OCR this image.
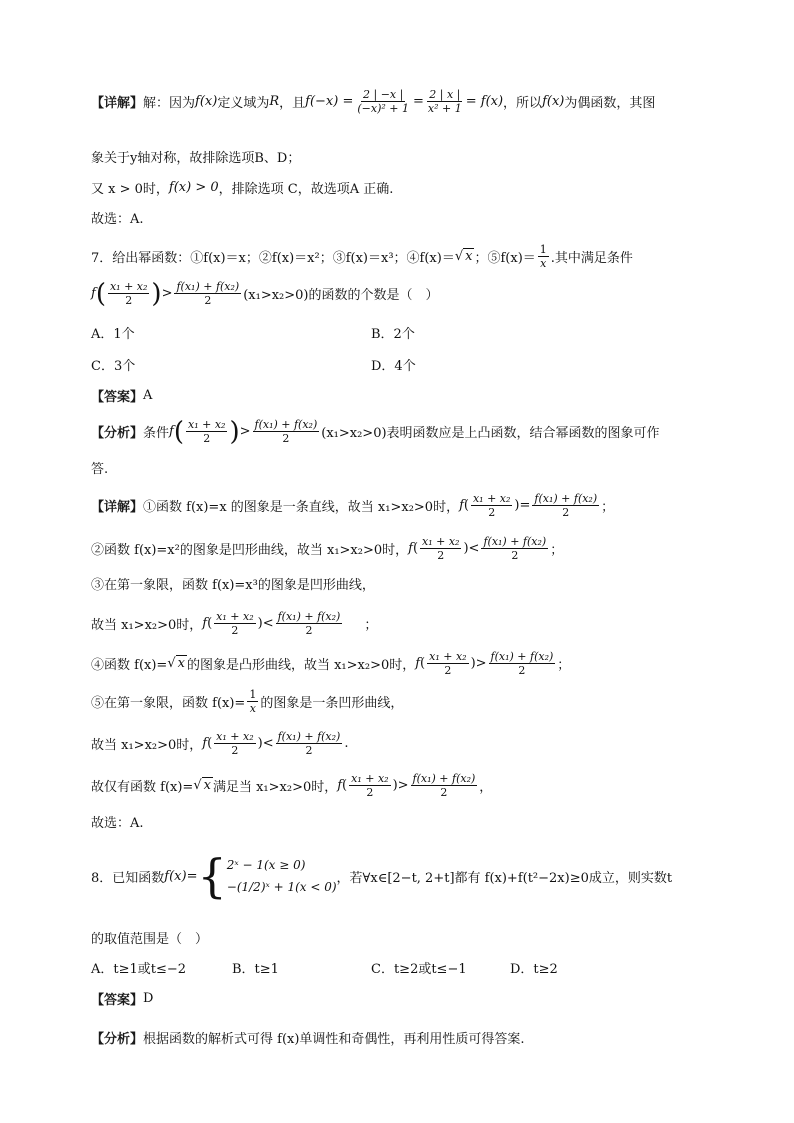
【详解】 解：因为 f(x) 定义域为 R ，且 $f(-x) = \frac{2 | -x |}{\text{(−x)² + 1}} = \frac{2 | x |}{\text{x² + 1}} = f(x)$ ，所以 f(x) 为偶函数，其图
象关于y轴对称，故排除选项B、D；
又 x > 0时， f(x) > 0 ，排除选项 C，故选项A 正确.
故选：A.
7．给出幂函数：①f(x)＝x；②f(x)＝x²；③f(x)＝x³；④f(x)＝ √ x ；⑤f(x)＝ $\frac{1}{x}$ .其中满足条件
f ( $\frac{\text{x₁ + x₂}}{2}$ ) > $\frac{\text{f(x₁) + f(x₂)}}{2} (x_1>x_2>0)$的函数的个数是（　）
A．1个	B．2个
C．3个	D．4个
【答案】 A
【分析】 条件 f ( $\frac{\text{x₁ + x₂}}{2}$ ) > $\frac{\text{f(x₁) + f(x₂)}}{2} (x_1>x_2>0)$表明函数应是上凸函数，结合幂函数的图象可作
答.
【详解】 ①函数 f(x)=x 的图象是一条直线，故当 x₁>x₂>0时， f ( $\frac{\text{x₁ + x₂}}{2}$ ) = $\frac{\text{f(x₁) + f(x₂)}}{2}$ ；
②函数 f(x)=x²的图象是凹形曲线，故当 x₁>x₂>0时， f ( $\frac{\text{x₁ + x₂}}{2}$ ) < $\frac{\text{f(x₁) + f(x₂)}}{2}$ ；
③在第一象限，函数 f(x)=x³的图象是凹形曲线，
故当 x₁>x₂>0时， f ( $\frac{\text{x₁ + x₂}}{2}$ ) < $\frac{\text{f(x₁) + f(x₂)}}{2}$ ；
④函数 f(x)= √ x 的图象是凸形曲线，故当 x₁>x₂>0时， f ( $\frac{\text{x₁ + x₂}}{2}$ ) > $\frac{\text{f(x₁) + f(x₂)}}{2}$ ；
⑤在第一象限，函数 $f(x)= \frac{1}{x}$ 的图象是一条凹形曲线，
故当 x₁>x₂>0时， f ( $\frac{\text{x₁ + x₂}}{2}$ ) < $\frac{\text{f(x₁) + f(x₂)}}{2}$ .
故仅有函数 f(x)= √ x 满足当 x₁>x₂>0时， f ( $\frac{\text{x₁ + x₂}}{2}$ ) > $\frac{\text{f(x₁) + f(x₂)}}{2}$ ，
故选：A.
8．已知函数 f(x) = { 2ˣ − 1(x ≥ 0)
−(1/2)ˣ + 1(x < 0)
，若∀x∈[2−t, 2+t]都有 f(x)+f(t²−2x)≥0成立，则实数t
的取值范围是（　）
A．t≥1或t≤−2	B．t≥1	C．t≥2或t≤−1	D．t≥2
【答案】 D
【分析】 根据函数的解析式可得 f(x)单调性和奇偶性，再利用性质可得答案.
